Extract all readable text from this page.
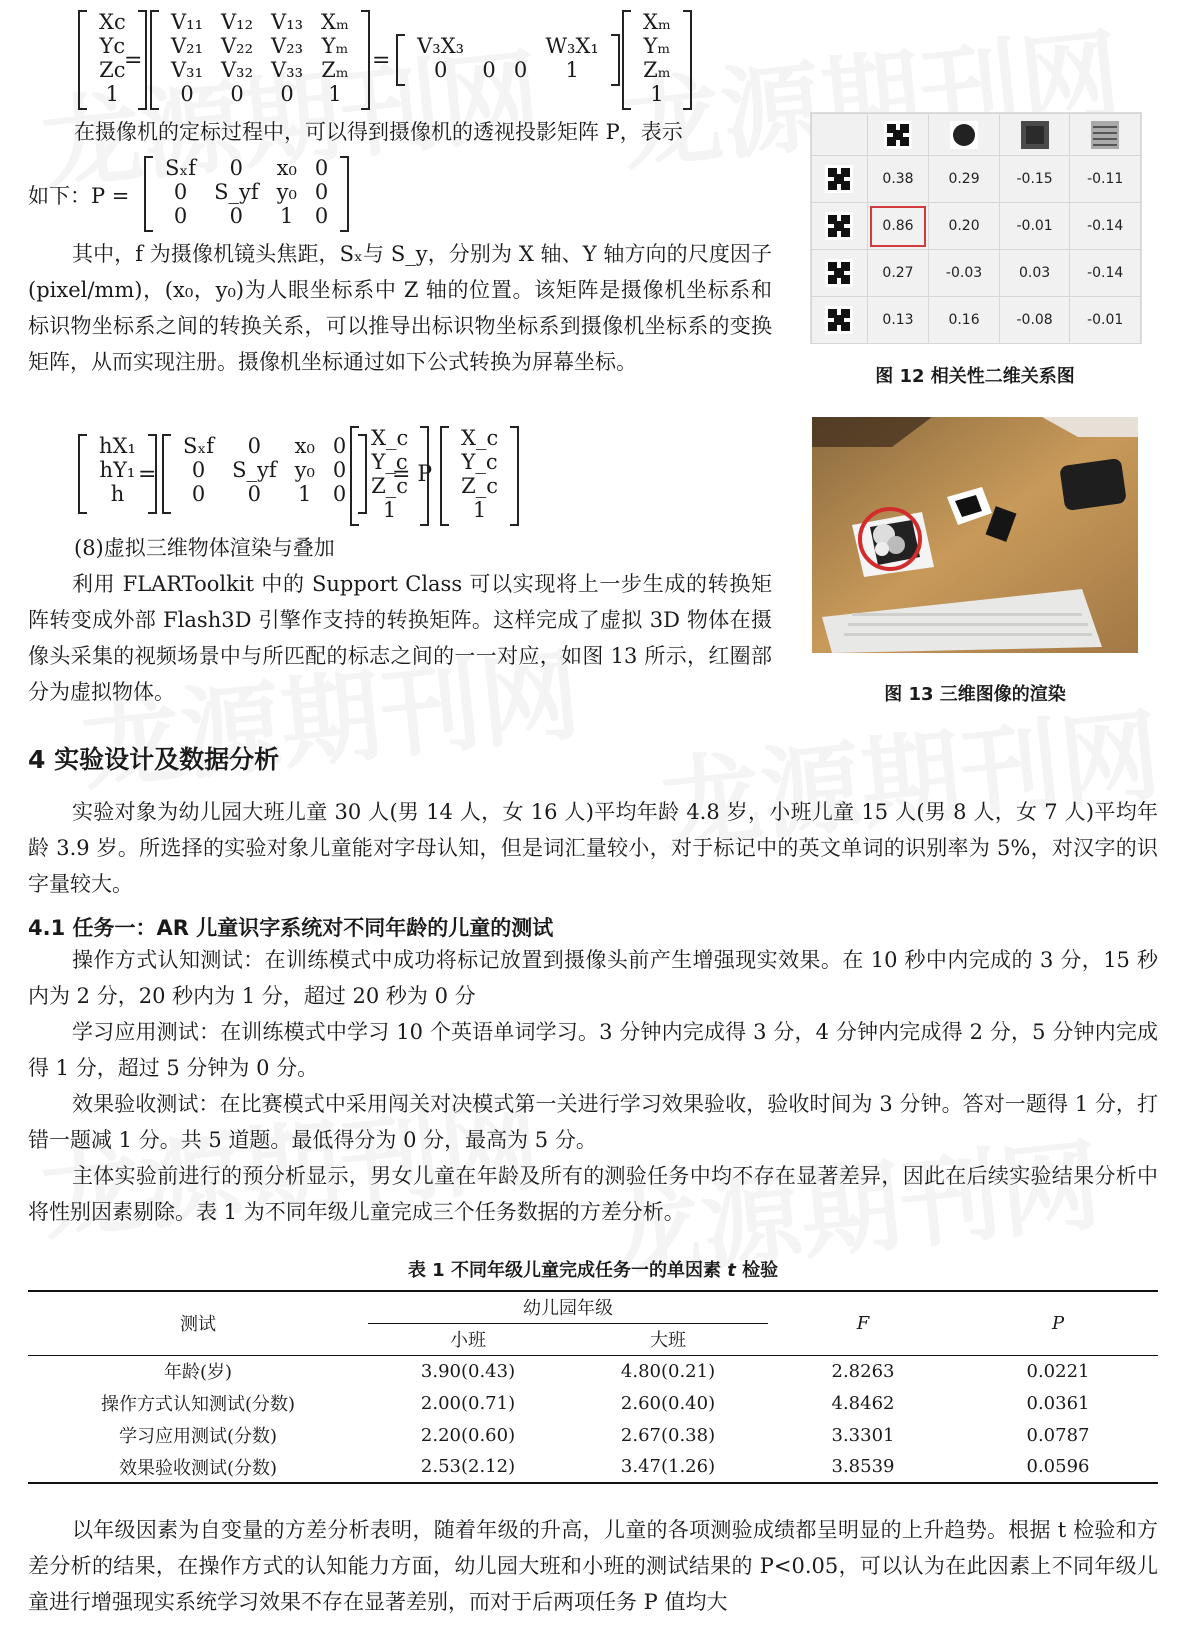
Xc
Yc
Zc
1
=
V₁₁	V₁₂	V₁₃	Xₘ
V₂₁	V₂₂	V₂₃	Yₘ
V₃₁	V₃₂	V₃₃	Zₘ
0	0	0	1
=
V₃X₃			W₃X₁
0	0	0	1
Xₘ
Yₘ
Zₘ
1

在摄像机的定标过程中，可以得到摄像机的透视投影矩阵 P，表示

如下：P =
Sₓf	0	x₀	0
0	S_yf	y₀	0
0	0	1	0

其中，f 为摄像机镜头焦距，Sₓ与 S_y，分别为 X 轴、Y 轴方向的尺度因子(pixel/mm)，(x₀，y₀)为人眼坐标系中 Z 轴的位置。该矩阵是摄像机坐标系和标识物坐标系之间的转换关系，可以推导出标识物坐标系到摄像机坐标系的变换矩阵，从而实现注册。摄像机坐标通过如下公式转换为屏幕坐标。

hX₁
hY₁
h
=
Sₓf	0	x₀	0
0	S_yf	y₀	0
0	0	1	0
X_c
Y_c
Z_c
1
= P
X_c
Y_c
Z_c
1

(8)虚拟三维物体渲染与叠加

利用 FLARToolkit 中的 Support Class 可以实现将上一步生成的转换矩阵转变成外部 Flash3D 引擎作支持的转换矩阵。这样完成了虚拟 3D 物体在摄像头采集的视频场景中与所匹配的标志之间的一一对应，如图 13 所示，红圈部分为虚拟物体。

	0.38	0.29	-0.15	-0.11
	0.86	0.20	-0.01	-0.14
	0.27	-0.03	0.03	-0.14
	0.13	0.16	-0.08	-0.01
图 12 相关性二维关系图
图 13 三维图像的渲染
4 实验设计及数据分析

实验对象为幼儿园大班儿童 30 人(男 14 人，女 16 人)平均年龄 4.8 岁，小班儿童 15 人(男 8 人，女 7 人)平均年龄 3.9 岁。所选择的实验对象儿童能对字母认知，但是词汇量较小，对于标记中的英文单词的识别率为 5%，对汉字的识字量较大。

4.1 任务一：AR 儿童识字系统对不同年龄的儿童的测试

操作方式认知测试：在训练模式中成功将标记放置到摄像头前产生增强现实效果。在 10 秒中内完成的 3 分，15 秒内为 2 分，20 秒内为 1 分，超过 20 秒为 0 分

学习应用测试：在训练模式中学习 10 个英语单词学习。3 分钟内完成得 3 分，4 分钟内完成得 2 分，5 分钟内完成得 1 分，超过 5 分钟为 0 分。

效果验收测试：在比赛模式中采用闯关对决模式第一关进行学习效果验收，验收时间为 3 分钟。答对一题得 1 分，打错一题减 1 分。共 5 道题。最低得分为 0 分，最高为 5 分。

主体实验前进行的预分析显示，男女儿童在年龄及所有的测验任务中均不存在显著差异，因此在后续实验结果分析中将性别因素剔除。表 1 为不同年级儿童完成三个任务数据的方差分析。

表 1 不同年级儿童完成任务一的单因素 t 检验
测试	幼儿园年级		F	P
	小班	大班		
年龄(岁)	3.90(0.43)	4.80(0.21)	2.8263	0.0221
操作方式认知测试(分数)	2.00(0.71)	2.60(0.40)	4.8462	0.0361
学习应用测试(分数)	2.20(0.60)	2.67(0.38)	3.3301	0.0787
效果验收测试(分数)	2.53(2.12)	3.47(1.26)	3.8539	0.0596

以年级因素为自变量的方差分析表明，随着年级的升高，儿童的各项测验成绩都呈明显的上升趋势。根据 t 检验和方差分析的结果，在操作方式的认知能力方面，幼儿园大班和小班的测试结果的 P<0.05，可以认为在此因素上不同年级儿童进行增强现实系统学习效果不存在显著差别，而对于后两项任务 P 值均大
